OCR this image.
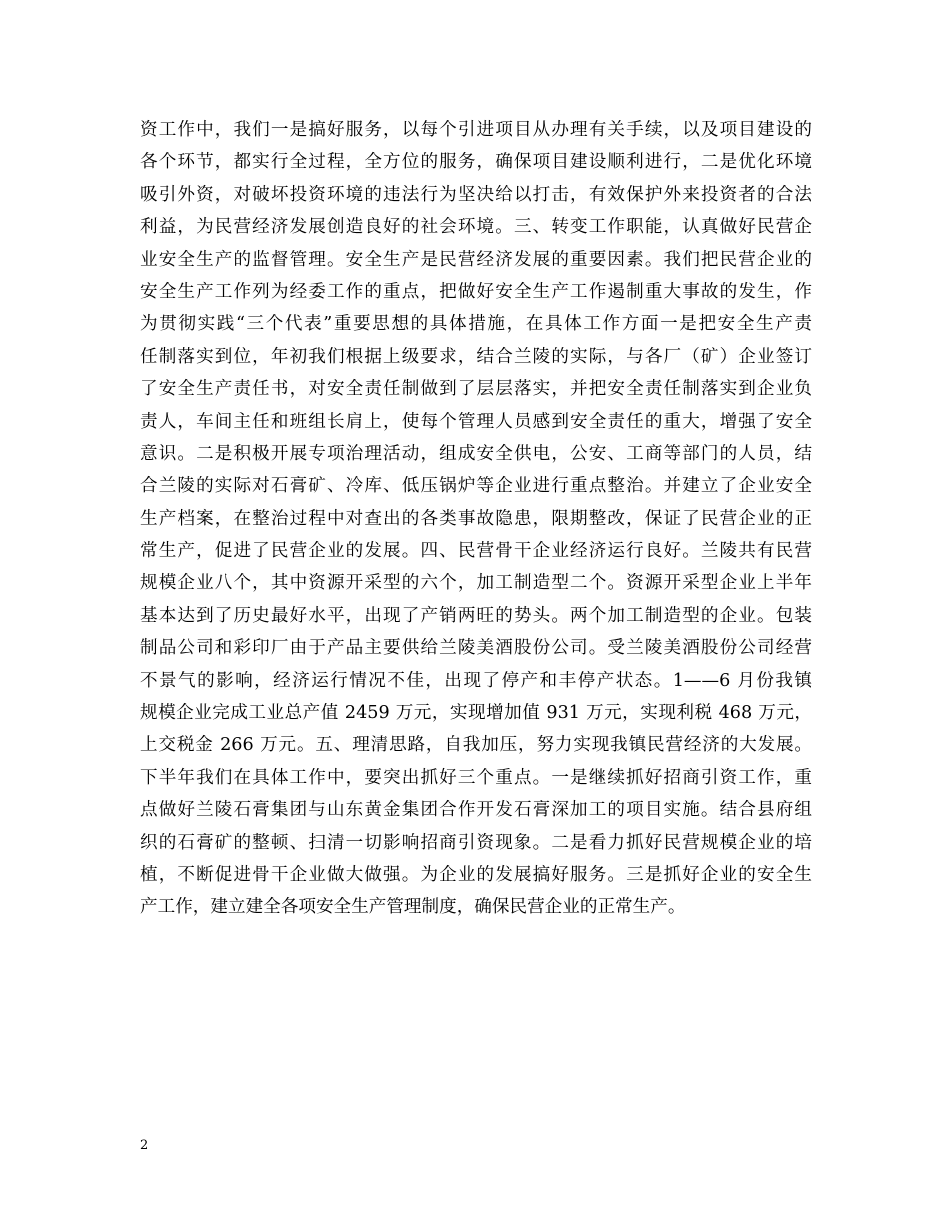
资工作中，我们一是搞好服务，以每个引进项目从办理有关手续，以及项目建设的
各个环节，都实行全过程，全方位的服务，确保项目建设顺利进行，二是优化环境
吸引外资，对破坏投资环境的违法行为坚决给以打击，有效保护外来投资者的合法
利益，为民营经济发展创造良好的社会环境。三、转变工作职能，认真做好民营企
业安全生产的监督管理。安全生产是民营经济发展的重要因素。我们把民营企业的
安全生产工作列为经委工作的重点，把做好安全生产工作遏制重大事故的发生，作
为贯彻实践“三个代表”重要思想的具体措施，在具体工作方面一是把安全生产责
任制落实到位，年初我们根据上级要求，结合兰陵的实际，与各厂（矿）企业签订
了安全生产责任书，对安全责任制做到了层层落实，并把安全责任制落实到企业负
责人，车间主任和班组长肩上，使每个管理人员感到安全责任的重大，增强了安全
意识。二是积极开展专项治理活动，组成安全供电，公安、工商等部门的人员，结
合兰陵的实际对石膏矿、冷库、低压锅炉等企业进行重点整治。并建立了企业安全
生产档案，在整治过程中对查出的各类事故隐患，限期整改，保证了民营企业的正
常生产，促进了民营企业的发展。四、民营骨干企业经济运行良好。兰陵共有民营
规模企业八个，其中资源开采型的六个，加工制造型二个。资源开采型企业上半年
基本达到了历史最好水平，出现了产销两旺的势头。两个加工制造型的企业。包装
制品公司和彩印厂由于产品主要供给兰陵美酒股份公司。受兰陵美酒股份公司经营
不景气的影响，经济运行情况不佳，出现了停产和丰停产状态。1——6 月份我镇
规模企业完成工业总产值 2459 万元，实现增加值 931 万元，实现利税 468 万元，
上交税金 266 万元。五、理清思路，自我加压，努力实现我镇民营经济的大发展。
下半年我们在具体工作中，要突出抓好三个重点。一是继续抓好招商引资工作，重
点做好兰陵石膏集团与山东黄金集团合作开发石膏深加工的项目实施。结合县府组
织的石膏矿的整顿、扫清一切影响招商引资现象。二是看力抓好民营规模企业的培
植，不断促进骨干企业做大做强。为企业的发展搞好服务。三是抓好企业的安全生
产工作，建立建全各项安全生产管理制度，确保民营企业的正常生产。
2
